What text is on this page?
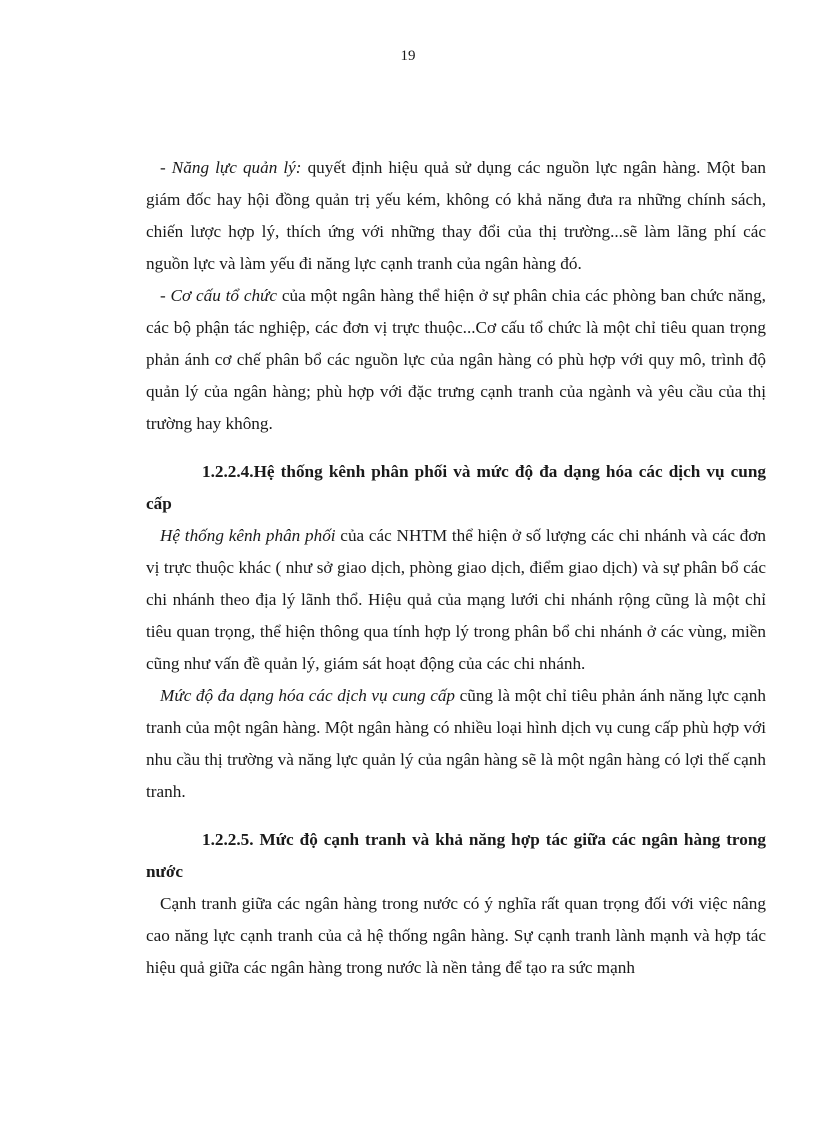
19

- Năng lực quản lý: quyết định hiệu quả sử dụng các nguồn lực ngân hàng. Một ban giám đốc hay hội đồng quản trị yếu kém, không có khả năng đưa ra những chính sách, chiến lược hợp lý, thích ứng với những thay đổi của thị trường...sẽ làm lãng phí các nguồn lực và làm yếu đi năng lực cạnh tranh của ngân hàng đó.

- Cơ cấu tổ chức của một ngân hàng thể hiện ở sự phân chia các phòng ban chức năng, các bộ phận tác nghiệp, các đơn vị trực thuộc...Cơ cấu tổ chức là một chỉ tiêu quan trọng phản ánh cơ chế phân bổ các nguồn lực của ngân hàng có phù hợp với quy mô, trình độ quản lý của ngân hàng; phù hợp với đặc trưng cạnh tranh của ngành và yêu cầu của thị trường hay không.

1.2.2.4.Hệ thống kênh phân phối và mức độ đa dạng hóa các dịch vụ cung cấp

Hệ thống kênh phân phối của các NHTM thể hiện ở số lượng các chi nhánh và các đơn vị trực thuộc khác ( như sở giao dịch, phòng giao dịch, điểm giao dịch) và sự phân bổ các chi nhánh theo địa lý lãnh thổ. Hiệu quả của mạng lưới chi nhánh rộng cũng là một chỉ tiêu quan trọng, thể hiện thông qua tính hợp lý trong phân bổ chi nhánh ở các vùng, miền cũng như vấn đề quản lý, giám sát hoạt động của các chi nhánh.

Mức độ đa dạng hóa các dịch vụ cung cấp cũng là một chỉ tiêu phản ánh năng lực cạnh tranh của một ngân hàng. Một ngân hàng có nhiều loại hình dịch vụ cung cấp phù hợp với nhu cầu thị trường và năng lực quản lý của ngân hàng sẽ là một ngân hàng có lợi thế cạnh tranh.

1.2.2.5. Mức độ cạnh tranh và khả năng hợp tác giữa các ngân hàng trong nước

Cạnh tranh giữa các ngân hàng trong nước có ý nghĩa rất quan trọng đối với việc nâng cao năng lực cạnh tranh của cả hệ thống ngân hàng. Sự cạnh tranh lành mạnh và hợp tác hiệu quả giữa các ngân hàng trong nước là nền tảng để tạo ra sức mạnh
